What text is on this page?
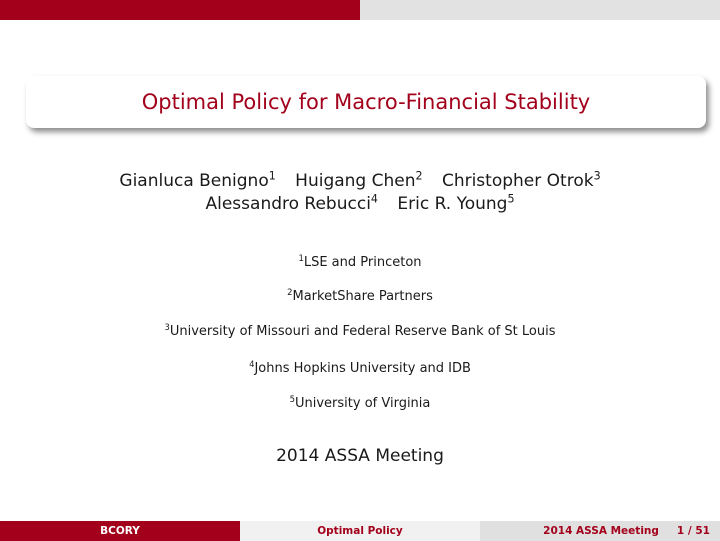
Optimal Policy for Macro-Financial Stability
Gianluca Benigno$^1$ Huigang Chen$^2$ Christopher Otrok$^3$
Alessandro Rebucci$^4$ Eric R. Young$^5$
$^1$LSE and Princeton
$^2$MarketShare Partners
$^3$University of Missouri and Federal Reserve Bank of St Louis
$^4$Johns Hopkins University and IDB
$^5$University of Virginia
2014 ASSA Meeting
BCORY	Optimal Policy	2014 ASSA Meeting 1 / 51
